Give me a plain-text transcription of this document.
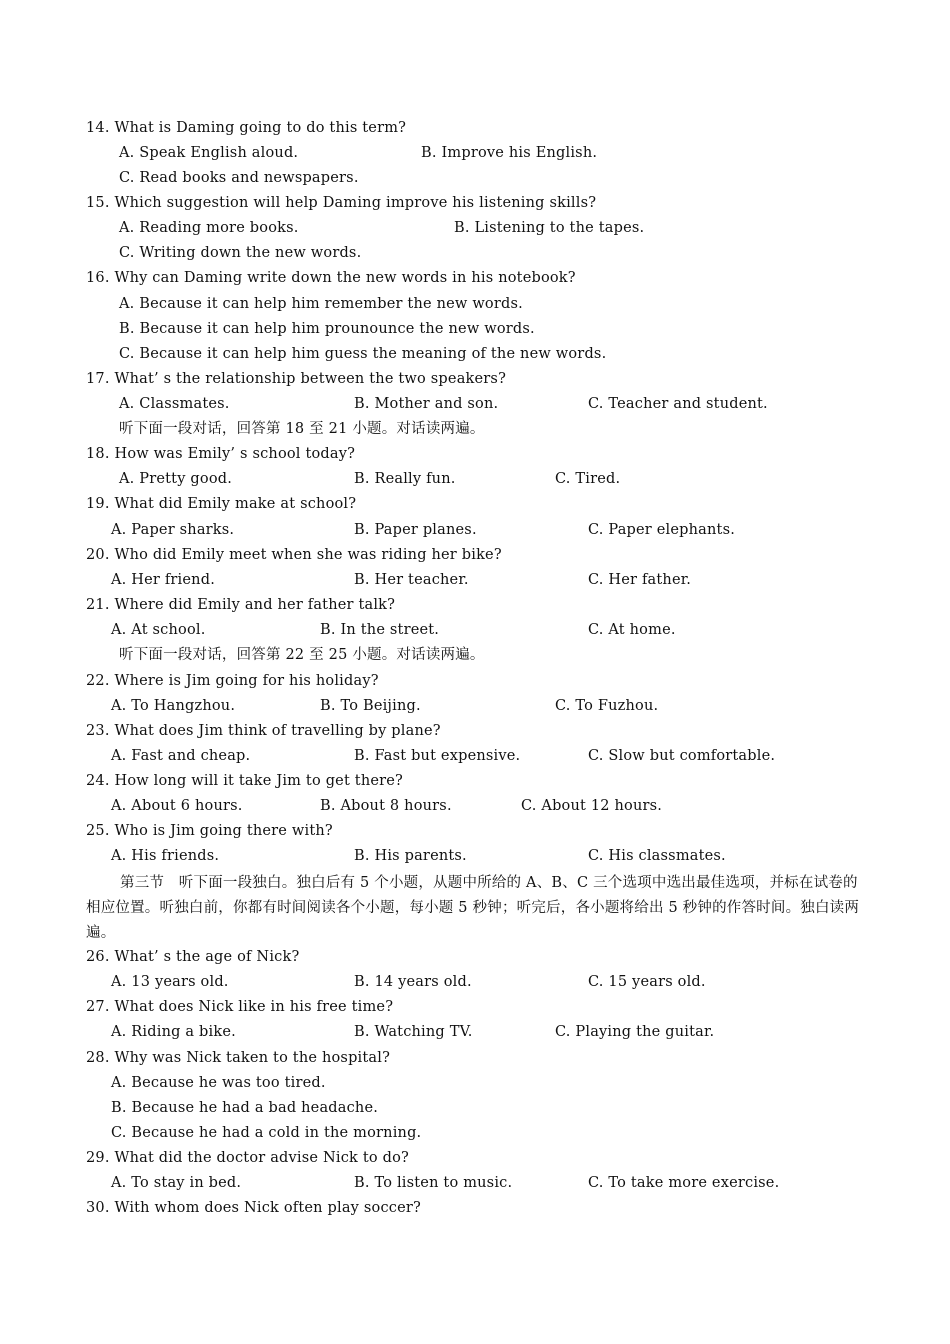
14. What is Daming going to do this term?
A. Speak English aloud.	B. Improve his English.
C. Read books and newspapers.
15. Which suggestion will help Daming improve his listening skills?
A. Reading more books.	B. Listening to the tapes.
C. Writing down the new words.
16. Why can Daming write down the new words in his notebook?
A. Because it can help him remember the new words.
B. Because it can help him prounounce the new words.
C. Because it can help him guess the meaning of the new words.
17. What’ s the relationship between the two speakers?
A. Classmates.	B. Mother and son.	C. Teacher and student.
听下面一段对话，回答第 18 至 21 小题。对话读两遍。
18. How was Emily’ s school today?
A. Pretty good.	B. Really fun.	C. Tired.
19. What did Emily make at school?
A. Paper sharks.	B. Paper planes.	C. Paper elephants.
20. Who did Emily meet when she was riding her bike?
A. Her friend.	B. Her teacher.	C. Her father.
21. Where did Emily and her father talk?
A. At school.	B. In the street.	C. At home.
听下面一段对话，回答第 22 至 25 小题。对话读两遍。
22. Where is Jim going for his holiday?
A. To Hangzhou.	B. To Beijing.	C. To Fuzhou.
23. What does Jim think of travelling by plane?
A. Fast and cheap.	B. Fast but expensive.	C. Slow but comfortable.
24. How long will it take Jim to get there?
A. About 6 hours.	B. About 8 hours.	C. About 12 hours.
25. Who is Jim going there with?
A. His friends.	B. His parents.	C. His classmates.
第三节　听下面一段独白。独白后有 5 个小题，从题中所给的 A、B、C 三个选项中选出最佳选项，并标在试卷的相应位置。听独白前，你都有时间阅读各个小题，每小题 5 秒钟；听完后，各小题将给出 5 秒钟的作答时间。独白读两遍。
26. What’ s the age of Nick?
A. 13 years old.	B. 14 years old.	C. 15 years old.
27. What does Nick like in his free time?
A. Riding a bike.	B. Watching TV.	C. Playing the guitar.
28. Why was Nick taken to the hospital?
A. Because he was too tired.
B. Because he had a bad headache.
C. Because he had a cold in the morning.
29. What did the doctor advise Nick to do?
A. To stay in bed.	B. To listen to music.	C. To take more exercise.
30. With whom does Nick often play soccer?
